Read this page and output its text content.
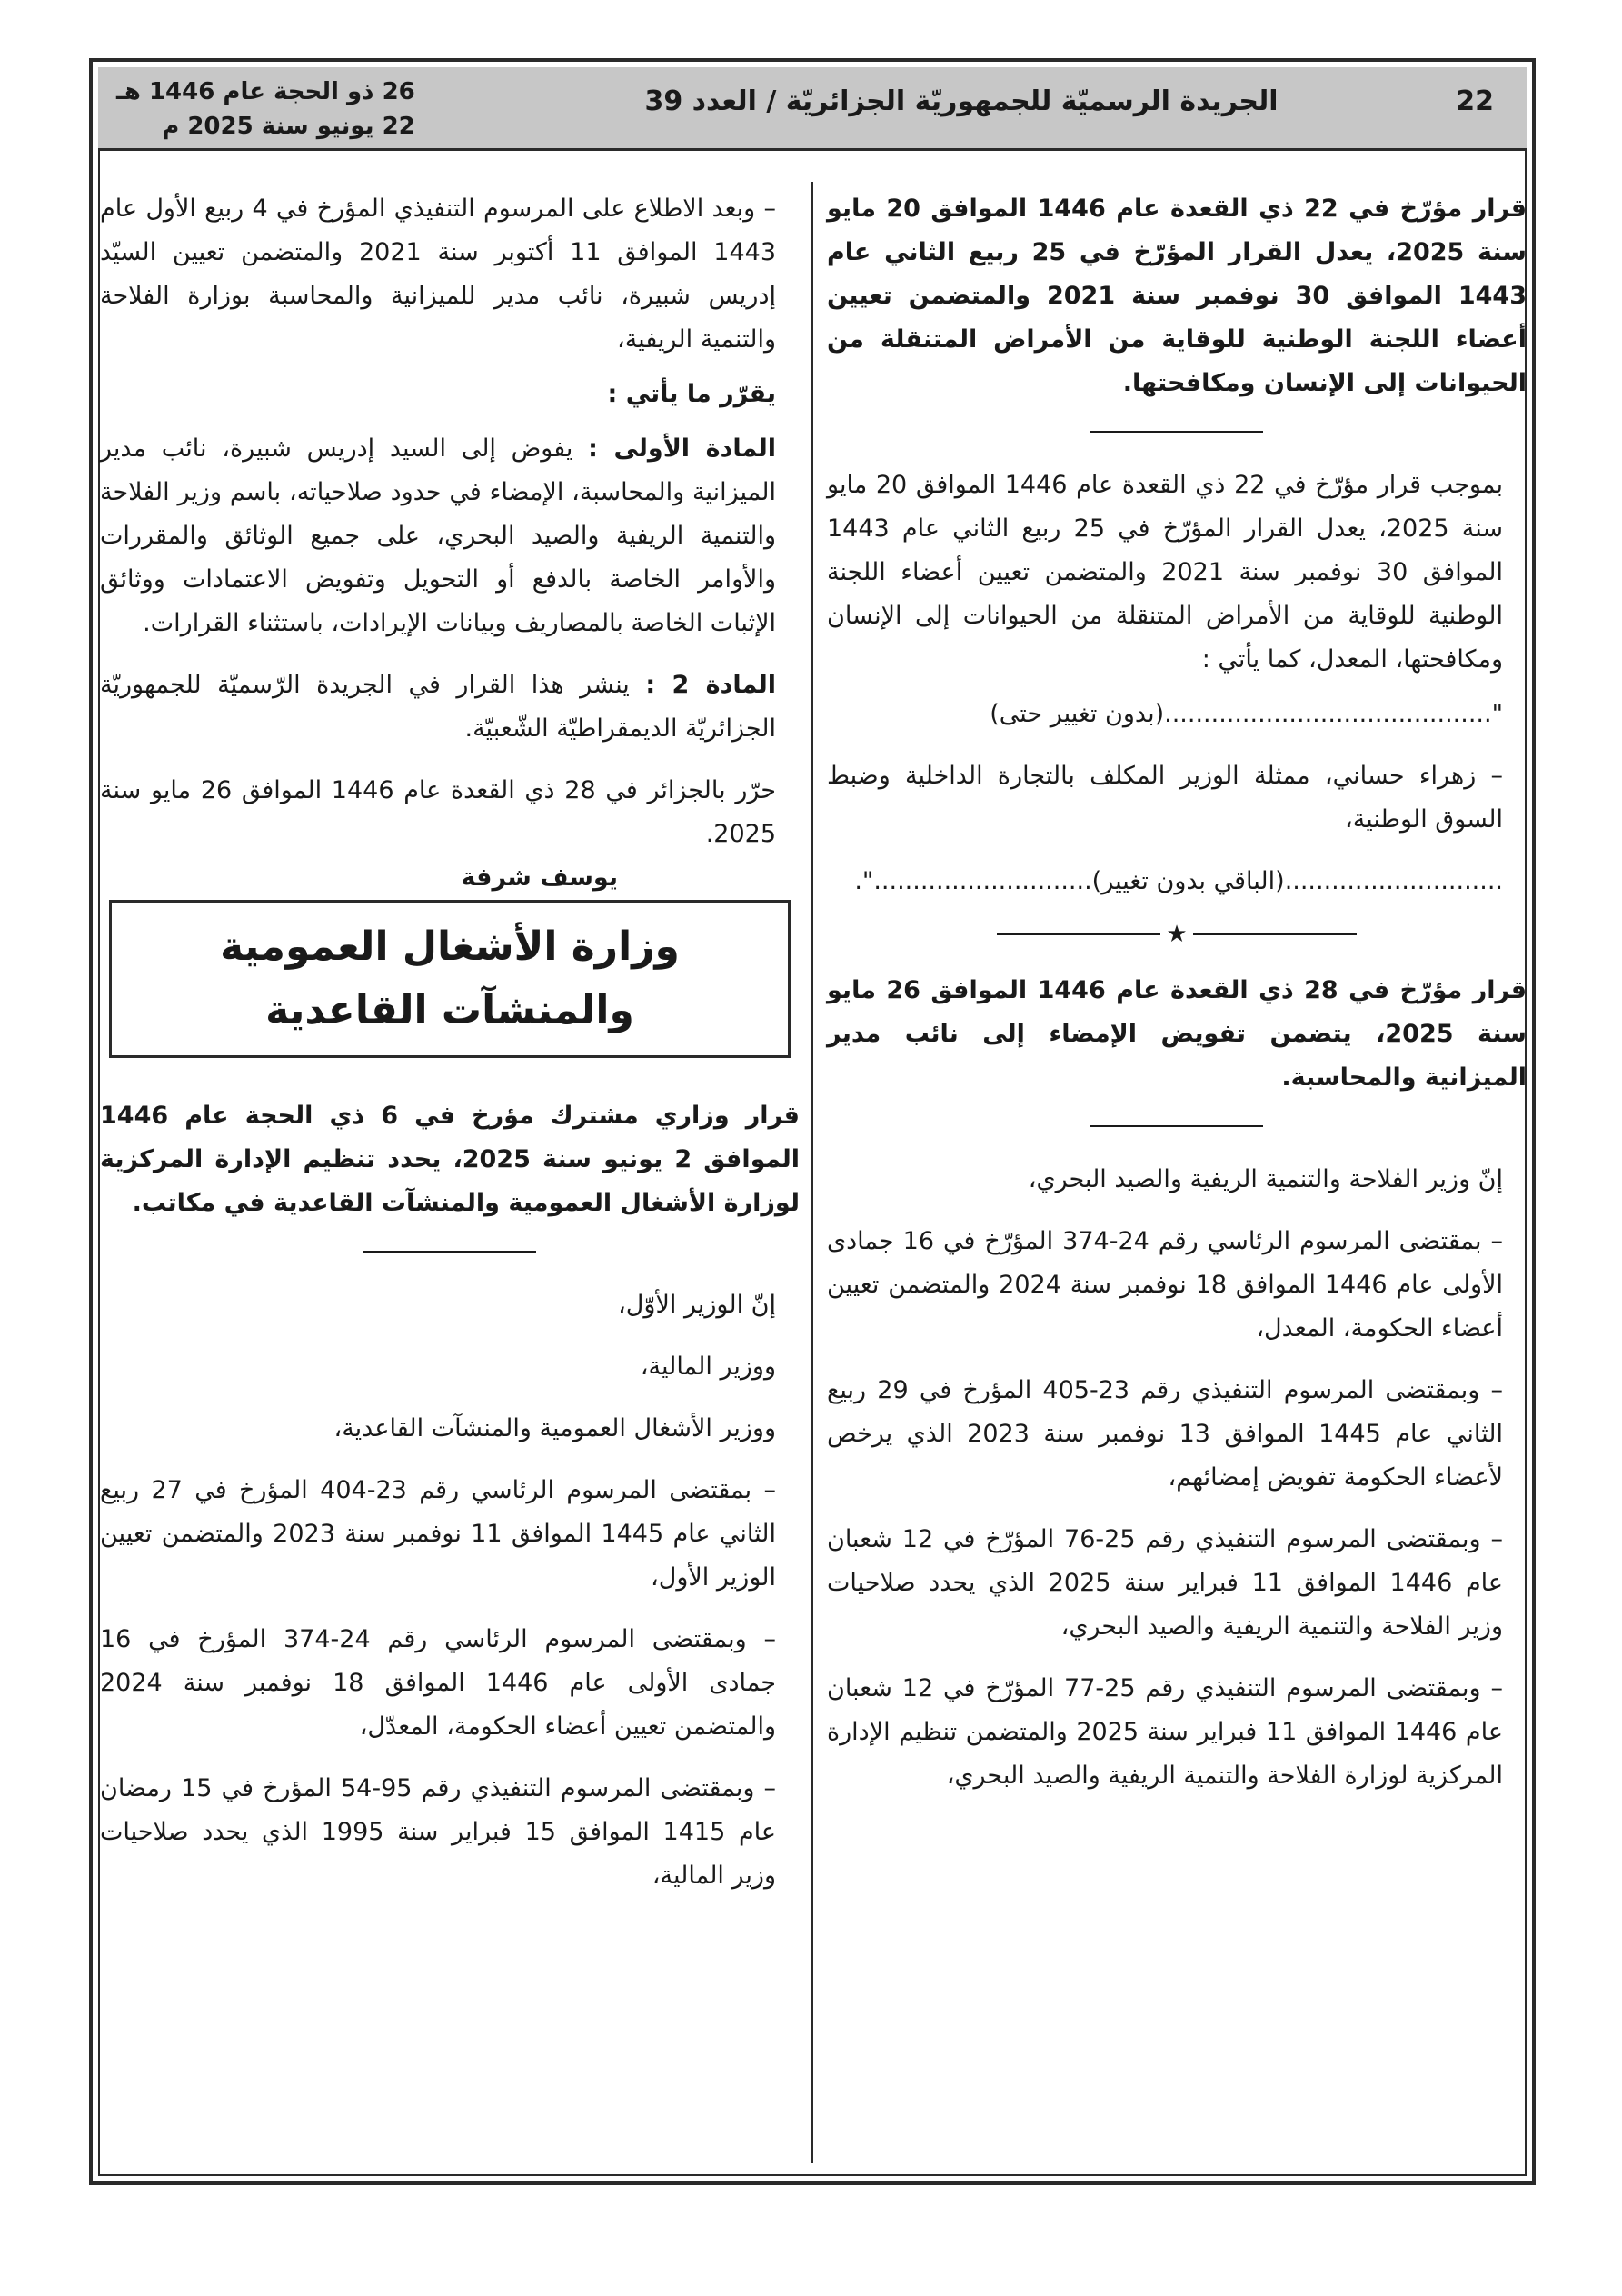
22
الجريدة الرسميّة للجمهوريّة الجزائريّة / العدد 39
26 ذو الحجة عام 1446 هـ
22 يونيو سنة 2025 م

قرار مؤرّخ في 22 ذي القعدة عام 1446 الموافق 20 مايو سنة 2025، يعدل القرار المؤرّخ في 25 ربيع الثاني عام 1443 الموافق 30 نوفمبر سنة 2021 والمتضمن تعيين أعضاء اللجنة الوطنية للوقاية من الأمراض المتنقلة من الحيوانات إلى الإنسان ومكافحتها.

بموجب قرار مؤرّخ في 22 ذي القعدة عام 1446 الموافق 20 مايو سنة 2025، يعدل القرار المؤرّخ في 25 ربيع الثاني عام 1443 الموافق 30 نوفمبر سنة 2021 والمتضمن تعيين أعضاء اللجنة الوطنية للوقاية من الأمراض المتنقلة من الحيوانات إلى الإنسان ومكافحتها، المعدل، كما يأتي :

"..........................................(بدون تغيير حتى)

– زهراء حساني، ممثلة الوزير المكلف بالتجارة الداخلية وضبط السوق الوطنية،

............................(الباقي بدون تغيير)............................".

★

قرار مؤرّخ في 28 ذي القعدة عام 1446 الموافق 26 مايو سنة 2025، يتضمن تفويض الإمضاء إلى نائب مدير الميزانية والمحاسبة.

إنّ وزير الفلاحة والتنمية الريفية والصيد البحري،

– بمقتضى المرسوم الرئاسي رقم 24-374 المؤرّخ في 16 جمادى الأولى عام 1446 الموافق 18 نوفمبر سنة 2024 والمتضمن تعيين أعضاء الحكومة، المعدل،

– وبمقتضى المرسوم التنفيذي رقم 23-405 المؤرخ في 29 ربيع الثاني عام 1445 الموافق 13 نوفمبر سنة 2023 الذي يرخص لأعضاء الحكومة تفويض إمضائهم،

– وبمقتضى المرسوم التنفيذي رقم 25-76 المؤرّخ في 12 شعبان عام 1446 الموافق 11 فبراير سنة 2025 الذي يحدد صلاحيات وزير الفلاحة والتنمية الريفية والصيد البحري،

– وبمقتضى المرسوم التنفيذي رقم 25-77 المؤرّخ في 12 شعبان عام 1446 الموافق 11 فبراير سنة 2025 والمتضمن تنظيم الإدارة المركزية لوزارة الفلاحة والتنمية الريفية والصيد البحري،

– وبعد الاطلاع على المرسوم التنفيذي المؤرخ في 4 ربيع الأول عام 1443 الموافق 11 أكتوبر سنة 2021 والمتضمن تعيين السيّد إدريس شبيرة، نائب مدير للميزانية والمحاسبة بوزارة الفلاحة والتنمية الريفية،

يقرّر ما يأتي :

المادة الأولى : يفوض إلى السيد إدريس شبيرة، نائب مدير الميزانية والمحاسبة، الإمضاء في حدود صلاحياته، باسم وزير الفلاحة والتنمية الريفية والصيد البحري، على جميع الوثائق والمقررات والأوامر الخاصة بالدفع أو التحويل وتفويض الاعتمادات ووثائق الإثبات الخاصة بالمصاريف وبيانات الإيرادات، باستثناء القرارات.

المادة 2 : ينشر هذا القرار في الجريدة الرّسميّة للجمهوريّة الجزائريّة الديمقراطيّة الشّعبيّة.

حرّر بالجزائر في 28 ذي القعدة عام 1446 الموافق 26 مايو سنة 2025.

يوسف شرفة

وزارة الأشغال العمومية
والمنشآت القاعدية

قرار وزاري مشترك مؤرخ في 6 ذي الحجة عام 1446 الموافق 2 يونيو سنة 2025، يحدد تنظيم الإدارة المركزية لوزارة الأشغال العمومية والمنشآت القاعدية في مكاتب.

إنّ الوزير الأوّل،

ووزير المالية،

ووزير الأشغال العمومية والمنشآت القاعدية،

– بمقتضى المرسوم الرئاسي رقم 23-404 المؤرخ في 27 ربيع الثاني عام 1445 الموافق 11 نوفمبر سنة 2023 والمتضمن تعيين الوزير الأول،

– وبمقتضى المرسوم الرئاسي رقم 24-374 المؤرخ في 16 جمادى الأولى عام 1446 الموافق 18 نوفمبر سنة 2024 والمتضمن تعيين أعضاء الحكومة، المعدّل،

– وبمقتضى المرسوم التنفيذي رقم 95-54 المؤرخ في 15 رمضان عام 1415 الموافق 15 فبراير سنة 1995 الذي يحدد صلاحيات وزير المالية،
